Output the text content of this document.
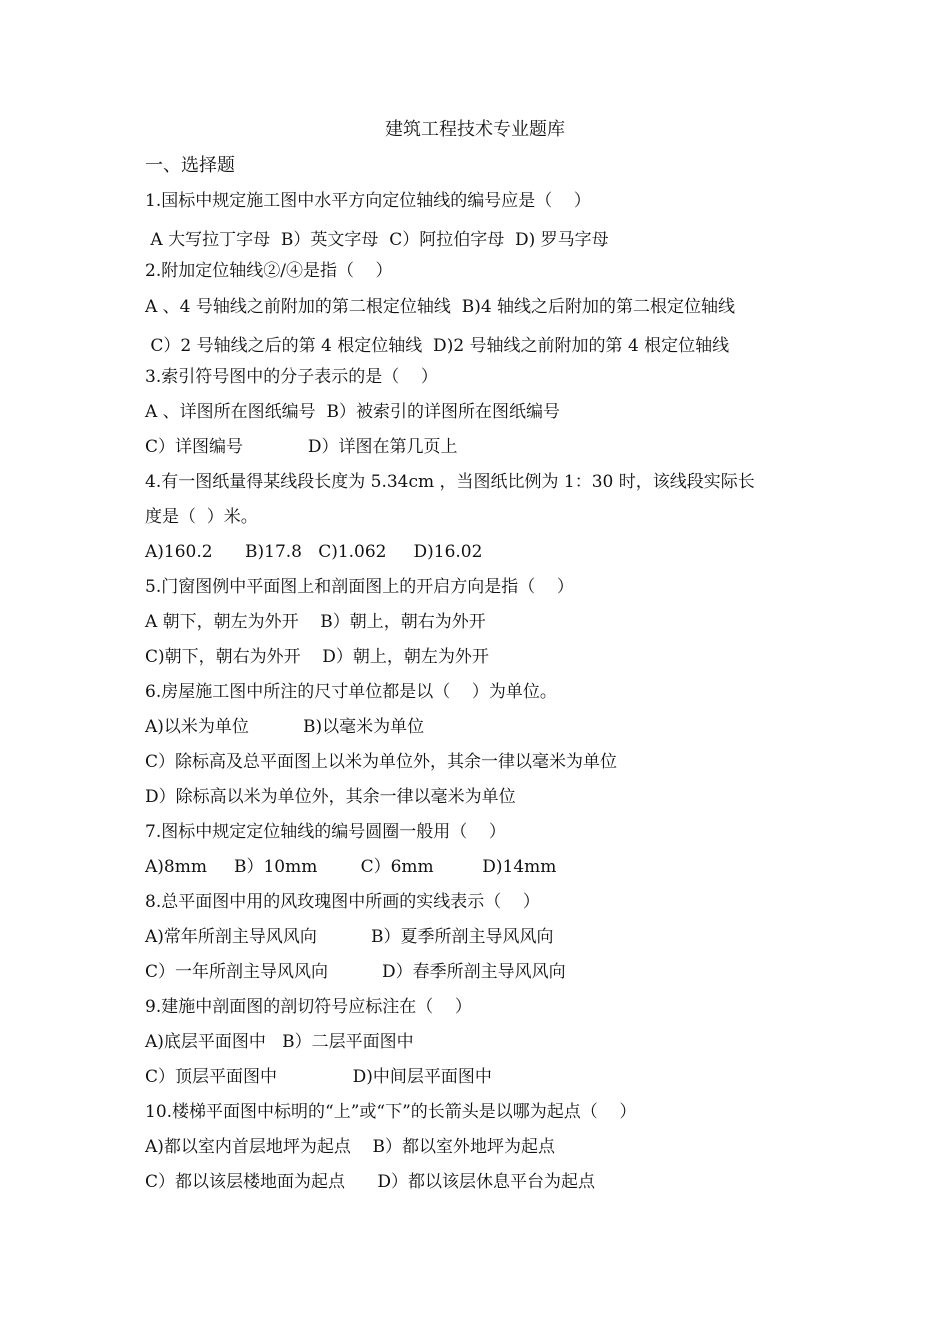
建筑工程技术专业题库
一、选择题
1.国标中规定施工图中水平方向定位轴线的编号应是（    ）
A 大写拉丁字母  B）英文字母  C）阿拉伯字母  D) 罗马字母
2.附加定位轴线②/④是指（    ）
A 、4 号轴线之前附加的第二根定位轴线  B)4 轴线之后附加的第二根定位轴线
C）2 号轴线之后的第 4 根定位轴线  D)2 号轴线之前附加的第 4 根定位轴线
3.索引符号图中的分子表示的是（    ）
A 、详图所在图纸编号  B）被索引的详图所在图纸编号
C）详图编号            D）详图在第几页上
4.有一图纸量得某线段长度为 5.34cm ，当图纸比例为 1：30 时，该线段实际长
度是（  ）米。
A)160.2      B)17.8   C)1.062     D)16.02
5.门窗图例中平面图上和剖面图上的开启方向是指（    ）
A 朝下，朝左为外开    B）朝上，朝右为外开
C)朝下，朝右为外开    D）朝上，朝左为外开
6.房屋施工图中所注的尺寸单位都是以（    ）为单位。
A)以米为单位          B)以毫米为单位
C）除标高及总平面图上以米为单位外，其余一律以毫米为单位
D）除标高以米为单位外，其余一律以毫米为单位
7.图标中规定定位轴线的编号圆圈一般用（    ）
A)8mm     B）10mm        C）6mm         D)14mm
8.总平面图中用的风玫瑰图中所画的实线表示（    ）
A)常年所剖主导风风向          B）夏季所剖主导风风向
C）一年所剖主导风风向          D）春季所剖主导风风向
9.建施中剖面图的剖切符号应标注在（    ）
A)底层平面图中   B）二层平面图中
C）顶层平面图中              D)中间层平面图中
10.楼梯平面图中标明的“上”或“下”的长箭头是以哪为起点（    ）
A)都以室内首层地坪为起点    B）都以室外地坪为起点
C）都以该层楼地面为起点      D）都以该层休息平台为起点
